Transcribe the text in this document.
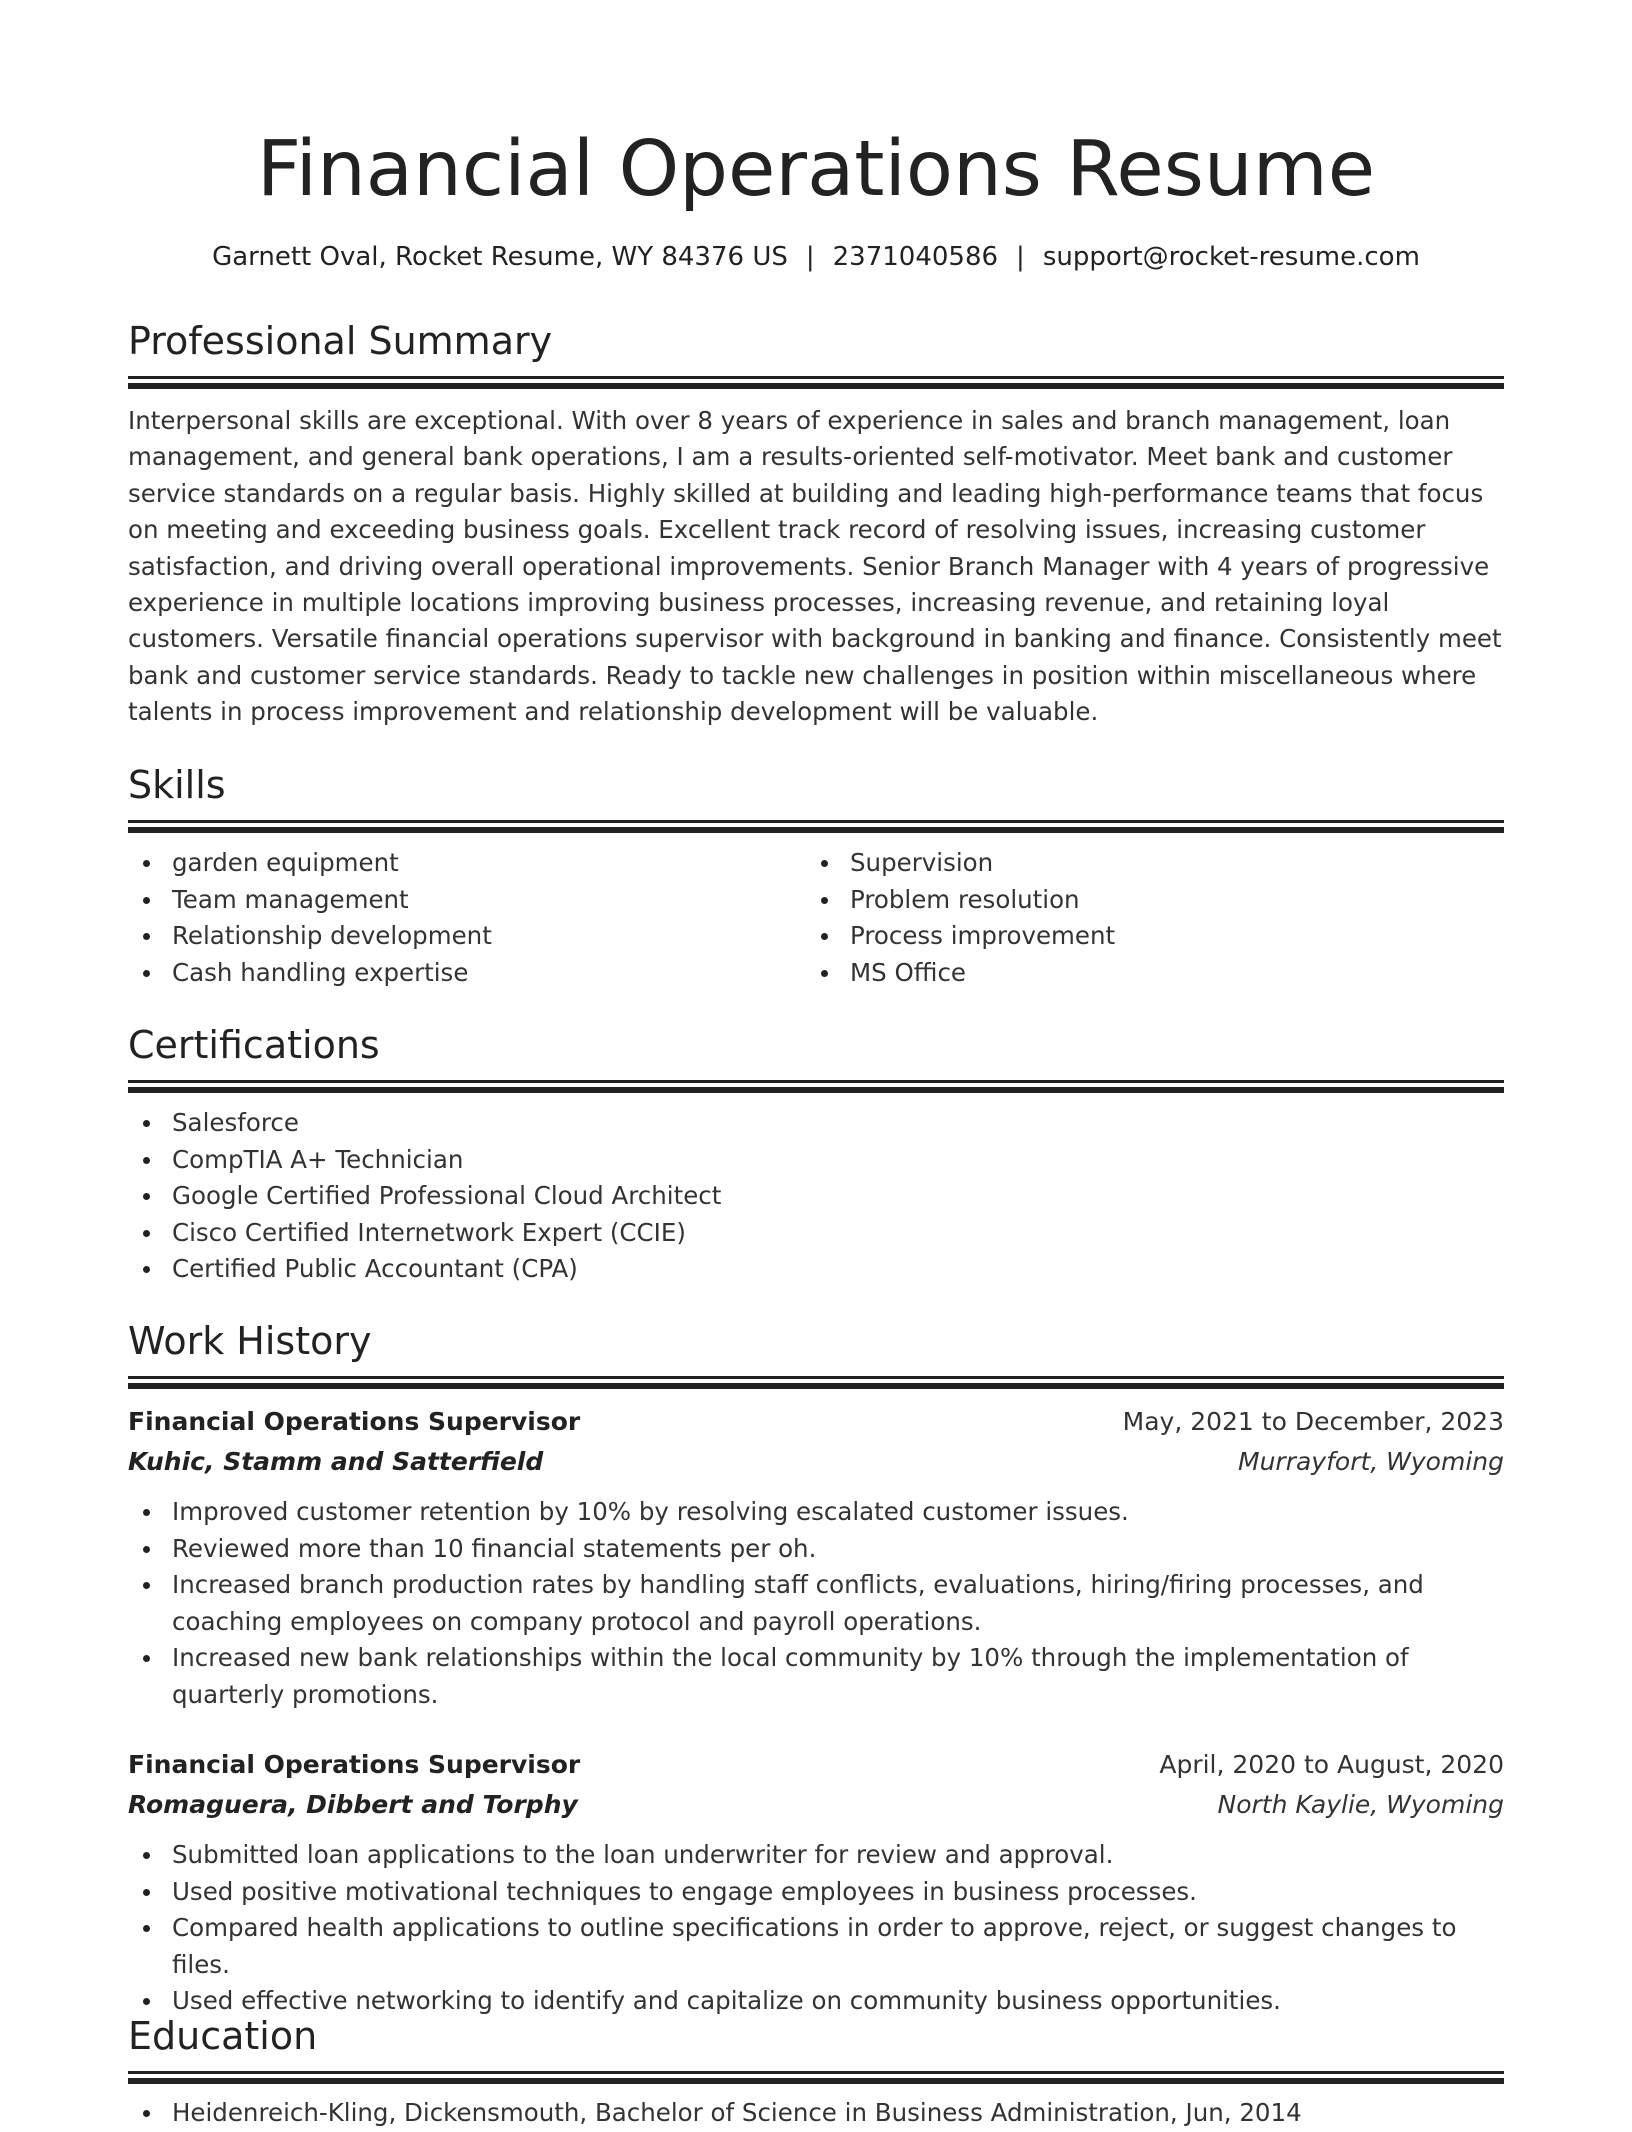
Financial Operations Resume
Garnett Oval, Rocket Resume, WY 84376 US | 2371040586 | support@rocket-resume.com
Professional Summary

Interpersonal skills are exceptional. With over 8 years of experience in sales and branch management, loan management, and general bank operations, I am a results-oriented self-motivator. Meet bank and customer service standards on a regular basis. Highly skilled at building and leading high-performance teams that focus on meeting and exceeding business goals. Excellent track record of resolving issues, increasing customer satisfaction, and driving overall operational improvements. Senior Branch Manager with 4 years of progressive experience in multiple locations improving business processes, increasing revenue, and retaining loyal customers. Versatile financial operations supervisor with background in banking and finance. Consistently meet bank and customer service standards. Ready to tackle new challenges in position within miscellaneous where talents in process improvement and relationship development will be valuable.

Skills
garden equipment
Team management
Relationship development
Cash handling expertise
Supervision
Problem resolution
Process improvement
MS Office
Certifications
Salesforce
CompTIA A+ Technician
Google Certified Professional Cloud Architect
Cisco Certified Internetwork Expert (CCIE)
Certified Public Accountant (CPA)
Work History
Financial Operations Supervisor	May, 2021 to December, 2023
Kuhic, Stamm and Satterfield	Murrayfort, Wyoming
Improved customer retention by 10% by resolving escalated customer issues.
Reviewed more than 10 financial statements per oh.
Increased branch production rates by handling staff conflicts, evaluations, hiring/firing processes, and coaching employees on company protocol and payroll operations.
Increased new bank relationships within the local community by 10% through the implementation of quarterly promotions.
Financial Operations Supervisor	April, 2020 to August, 2020
Romaguera, Dibbert and Torphy	North Kaylie, Wyoming
Submitted loan applications to the loan underwriter for review and approval.
Used positive motivational techniques to engage employees in business processes.
Compared health applications to outline specifications in order to approve, reject, or suggest changes to files.
Used effective networking to identify and capitalize on community business opportunities.
Education
Heidenreich-Kling, Dickensmouth, Bachelor of Science in Business Administration, Jun, 2014
